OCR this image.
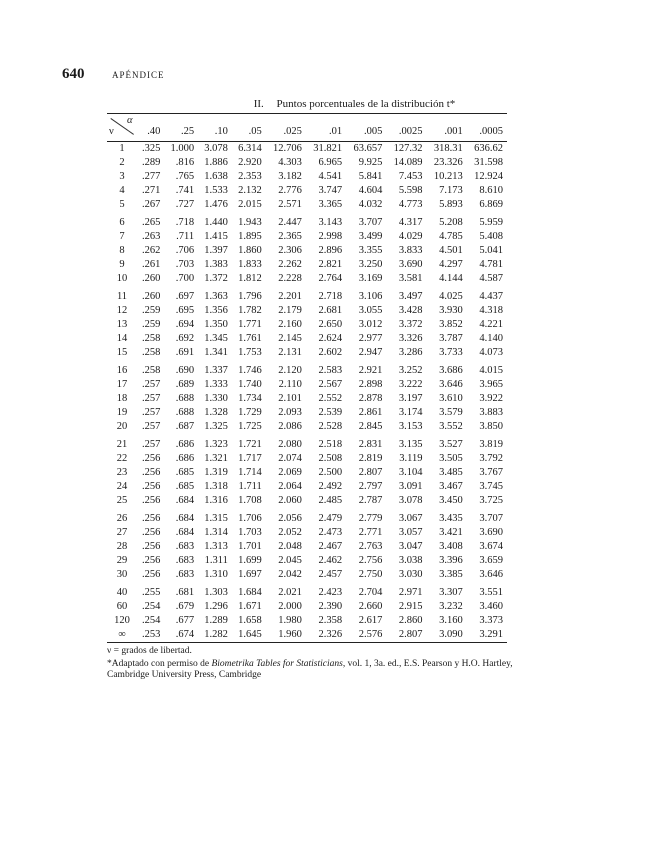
640	APÉNDICE
II. Puntos porcentuales de la distribución t*
α
ν	.40	.25	.10	.05	.025	.01	.005	.0025	.001	.0005
1	.325	1.000	3.078	6.314	12.706	31.821	63.657	127.32	318.31	636.62
2	.289	.816	1.886	2.920	4.303	6.965	9.925	14.089	23.326	31.598
3	.277	.765	1.638	2.353	3.182	4.541	5.841	7.453	10.213	12.924
4	.271	.741	1.533	2.132	2.776	3.747	4.604	5.598	7.173	8.610
5	.267	.727	1.476	2.015	2.571	3.365	4.032	4.773	5.893	6.869
6	.265	.718	1.440	1.943	2.447	3.143	3.707	4.317	5.208	5.959
7	.263	.711	1.415	1.895	2.365	2.998	3.499	4.029	4.785	5.408
8	.262	.706	1.397	1.860	2.306	2.896	3.355	3.833	4.501	5.041
9	.261	.703	1.383	1.833	2.262	2.821	3.250	3.690	4.297	4.781
10	.260	.700	1.372	1.812	2.228	2.764	3.169	3.581	4.144	4.587
11	.260	.697	1.363	1.796	2.201	2.718	3.106	3.497	4.025	4.437
12	.259	.695	1.356	1.782	2.179	2.681	3.055	3.428	3.930	4.318
13	.259	.694	1.350	1.771	2.160	2.650	3.012	3.372	3.852	4.221
14	.258	.692	1.345	1.761	2.145	2.624	2.977	3.326	3.787	4.140
15	.258	.691	1.341	1.753	2.131	2.602	2.947	3.286	3.733	4.073
16	.258	.690	1.337	1.746	2.120	2.583	2.921	3.252	3.686	4.015
17	.257	.689	1.333	1.740	2.110	2.567	2.898	3.222	3.646	3.965
18	.257	.688	1.330	1.734	2.101	2.552	2.878	3.197	3.610	3.922
19	.257	.688	1.328	1.729	2.093	2.539	2.861	3.174	3.579	3.883
20	.257	.687	1.325	1.725	2.086	2.528	2.845	3.153	3.552	3.850
21	.257	.686	1.323	1.721	2.080	2.518	2.831	3.135	3.527	3.819
22	.256	.686	1.321	1.717	2.074	2.508	2.819	3.119	3.505	3.792
23	.256	.685	1.319	1.714	2.069	2.500	2.807	3.104	3.485	3.767
24	.256	.685	1.318	1.711	2.064	2.492	2.797	3.091	3.467	3.745
25	.256	.684	1.316	1.708	2.060	2.485	2.787	3.078	3.450	3.725
26	.256	.684	1.315	1.706	2.056	2.479	2.779	3.067	3.435	3.707
27	.256	.684	1.314	1.703	2.052	2.473	2.771	3.057	3.421	3.690
28	.256	.683	1.313	1.701	2.048	2.467	2.763	3.047	3.408	3.674
29	.256	.683	1.311	1.699	2.045	2.462	2.756	3.038	3.396	3.659
30	.256	.683	1.310	1.697	2.042	2.457	2.750	3.030	3.385	3.646
40	.255	.681	1.303	1.684	2.021	2.423	2.704	2.971	3.307	3.551
60	.254	.679	1.296	1.671	2.000	2.390	2.660	2.915	3.232	3.460
120	.254	.677	1.289	1.658	1.980	2.358	2.617	2.860	3.160	3.373
∞	.253	.674	1.282	1.645	1.960	2.326	2.576	2.807	3.090	3.291
ν = grados de libertad.
*Adaptado con permiso de Biometrika Tables for Statisticians, vol. 1, 3a. ed., E.S. Pearson y H.O. Hartley, Cambridge University Press, Cambridge
